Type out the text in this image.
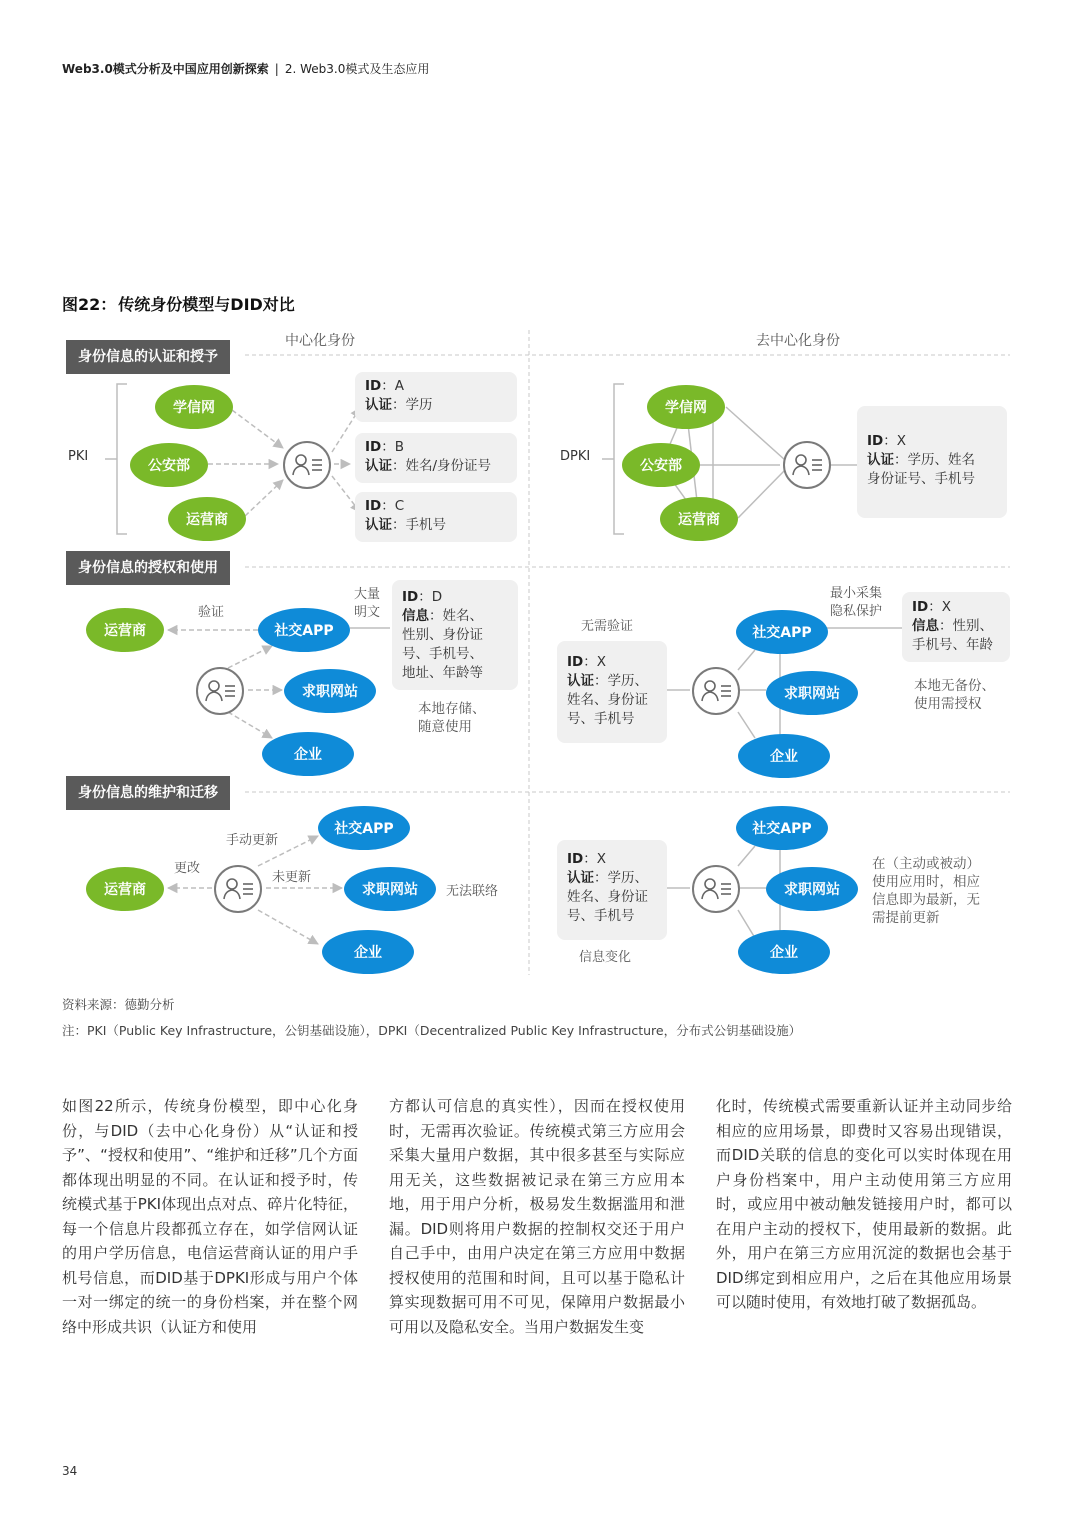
Web3.0模式分析及中国应用创新探索 | 2. Web3.0模式及生态应用
图22： 传统身份模型与DID对比
中心化身份	去中心化身份
身份信息的认证和授予
身份信息的授权和使用
身份信息的维护和迁移
PKI
学信网
公安部
运营商
ID：A
认证：学历
ID：B
认证：姓名/身份证号
ID：C
认证：手机号
DPKI
学信网
公安部
运营商
ID：X
认证：学历、姓名
身份证号、手机号
运营商
验证
社交APP
求职网站
企业
大量
明文
ID：D
信息：姓名、
性别、身份证
号、手机号、
地址、年龄等
本地存储、
随意使用
无需验证
最小采集
隐私保护
ID：X
认证：学历、
姓名、身份证
号、手机号
社交APP
求职网站
企业
ID：X
信息：性别、
手机号、年龄
本地无备份、
使用需授权
运营商
更改
手动更新
未更新
社交APP
求职网站
企业
无法联络
ID：X
认证：学历、
姓名、身份证
号、手机号
信息变化
社交APP
求职网站
企业
在（主动或被动）
使用应用时，相应
信息即为最新，无
需提前更新
资料来源：德勤分析
注：PKI（Public Key Infrastructure，公钥基础设施），DPKI（Decentralized Public Key Infrastructure，分布式公钥基础设施）
如图22所示，传统身份模型，即中心化身份，与DID（去中心化身份）从“认证和授予”、“授权和使用”、“维护和迁移”几个方面都体现出明显的不同。在认证和授予时，传统模式基于PKI体现出点对点、碎片化特征，每一个信息片段都孤立存在，如学信网认证的用户学历信息，电信运营商认证的用户手机号信息，而DID基于DPKI形成与用户个体一对一绑定的统一的身份档案，并在整个网络中形成共识（认证方和使用
方都认可信息的真实性），因而在授权使用时，无需再次验证。传统模式第三方应用会采集大量用户数据，其中很多甚至与实际应用无关，这些数据被记录在第三方应用本地，用于用户分析，极易发生数据滥用和泄漏。DID则将用户数据的控制权交还于用户自己手中，由用户决定在第三方应用中数据授权使用的范围和时间，且可以基于隐私计算实现数据可用不可见，保障用户数据最小可用以及隐私安全。当用户数据发生变
化时，传统模式需要重新认证并主动同步给相应的应用场景，即费时又容易出现错误，而DID关联的信息的变化可以实时体现在用户身份档案中，用户主动使用第三方应用时，或应用中被动触发链接用户时，都可以在用户主动的授权下，使用最新的数据。此外，用户在第三方应用沉淀的数据也会基于DID绑定到相应用户，之后在其他应用场景可以随时使用，有效地打破了数据孤岛。
34
